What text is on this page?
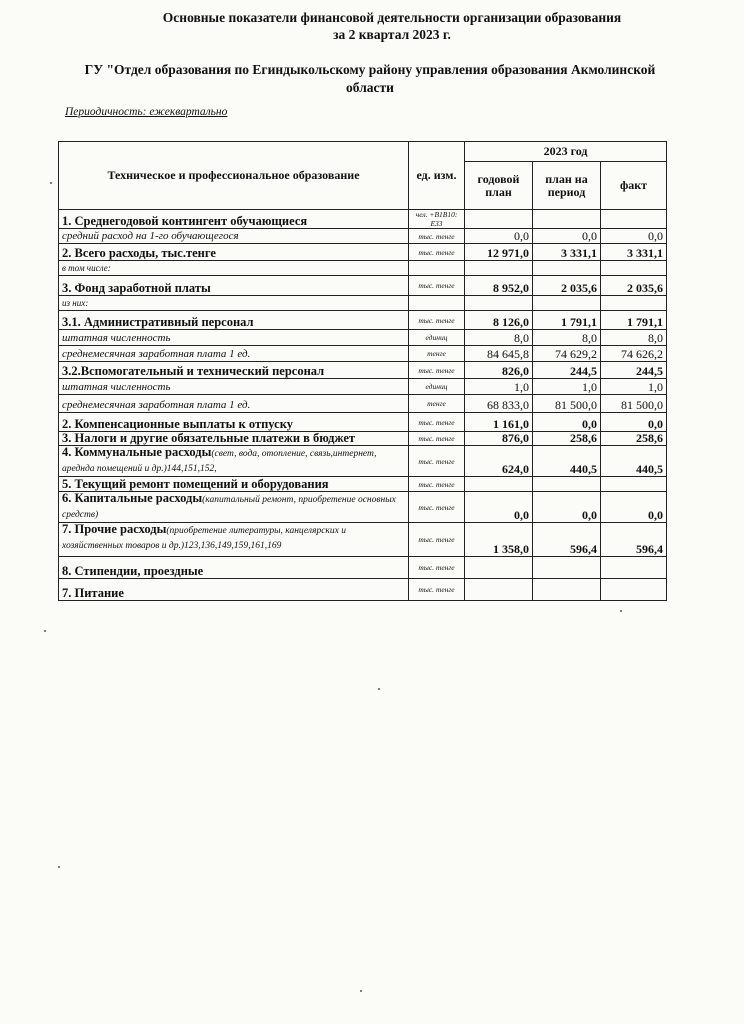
Основные показатели финансовой деятельности организации образования
за 2 квартал 2023 г.
ГУ "Отдел образования по Егиндыкольскому району управления образования Акмолинской области
Периодичность: ежеквартально
Техническое и профессиональное образование	ед. изм.	2023 год		
		годовой план	план на период	факт
1. Среднегодовой контингент обучающиеся	чел. +B1B10: E33			
средний расход на 1-го обучающегося	тыс. тенге	0,0	0,0	0,0
2. Всего расходы, тыс.тенге	тыс. тенге	12 971,0	3 331,1	3 331,1
в том числе:				
3. Фонд заработной платы	тыс. тенге	8 952,0	2 035,6	2 035,6
из них:				
3.1. Административный персонал	тыс. тенге	8 126,0	1 791,1	1 791,1
штатная численность	единиц	8,0	8,0	8,0
среднемесячная заработная плата 1 ед.	тенге	84 645,8	74 629,2	74 626,2
3.2.Вспомогательный и технический персонал	тыс. тенге	826,0	244,5	244,5
штатная численность	единиц	1,0	1,0	1,0
среднемесячная заработная плата 1 ед.	тенге	68 833,0	81 500,0	81 500,0
2. Компенсационные выплаты к отпуску	тыс. тенге	1 161,0	0,0	0,0
3. Налоги и другие обязательные платежи в бюджет	тыс. тенге	876,0	258,6	258,6
4. Коммунальные расходы(свет, вода, отопление, связь,интернет, аредндa помещений и др.)144,151,152,	тыс. тенге	624,0	440,5	440,5
5. Текущий ремонт помещений и оборудования	тыс. тенге			
6. Капитальные расходы(капитальный ремонт, приобретение основных средств)	тыс. тенге	0,0	0,0	0,0
7. Прочие расходы(приобретение литературы, канцелярских и хозяйственных товаров и др.)123,136,149,159,161,169	тыс. тенге	1 358,0	596,4	596,4
8. Стипендии, проездные	тыс. тенге			
7. Питание	тыс. тенге			
